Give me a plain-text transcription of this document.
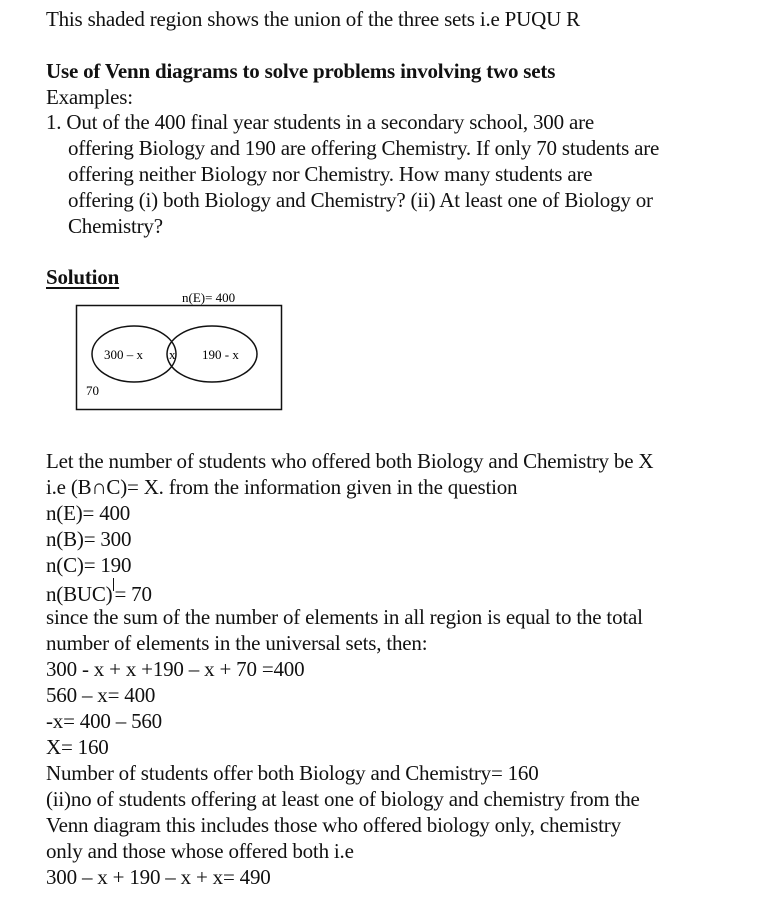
This shaded region shows the union of the three sets i.e PUQU R
Use of Venn diagrams to solve problems involving two sets
Examples:
1. Out of the 400 final year students in a secondary school, 300 are
offering Biology and 190 are offering Chemistry. If only 70 students are
offering neither Biology nor Chemistry. How many students are
offering (i) both Biology and Chemistry? (ii) At least one of Biology or
Chemistry?
Solution
n(E)= 400
300 – x x 190 - x
70
Let the number of students who offered both Biology and Chemistry be X
i.e (B∩C)= X. from the information given in the question
n(E)= 400
n(B)= 300
n(C)= 190
n(BUC)= 70
since the sum of the number of elements in all region is equal to the total
number of elements in the universal sets, then:
300 - x + x +190 – x + 70 =400
560 – x= 400
-x= 400 – 560
X= 160
Number of students offer both Biology and Chemistry= 160
(ii)no of students offering at least one of biology and chemistry from the
Venn diagram this includes those who offered biology only, chemistry
only and those whose offered both i.e
300 – x + 190 – x + x= 490
